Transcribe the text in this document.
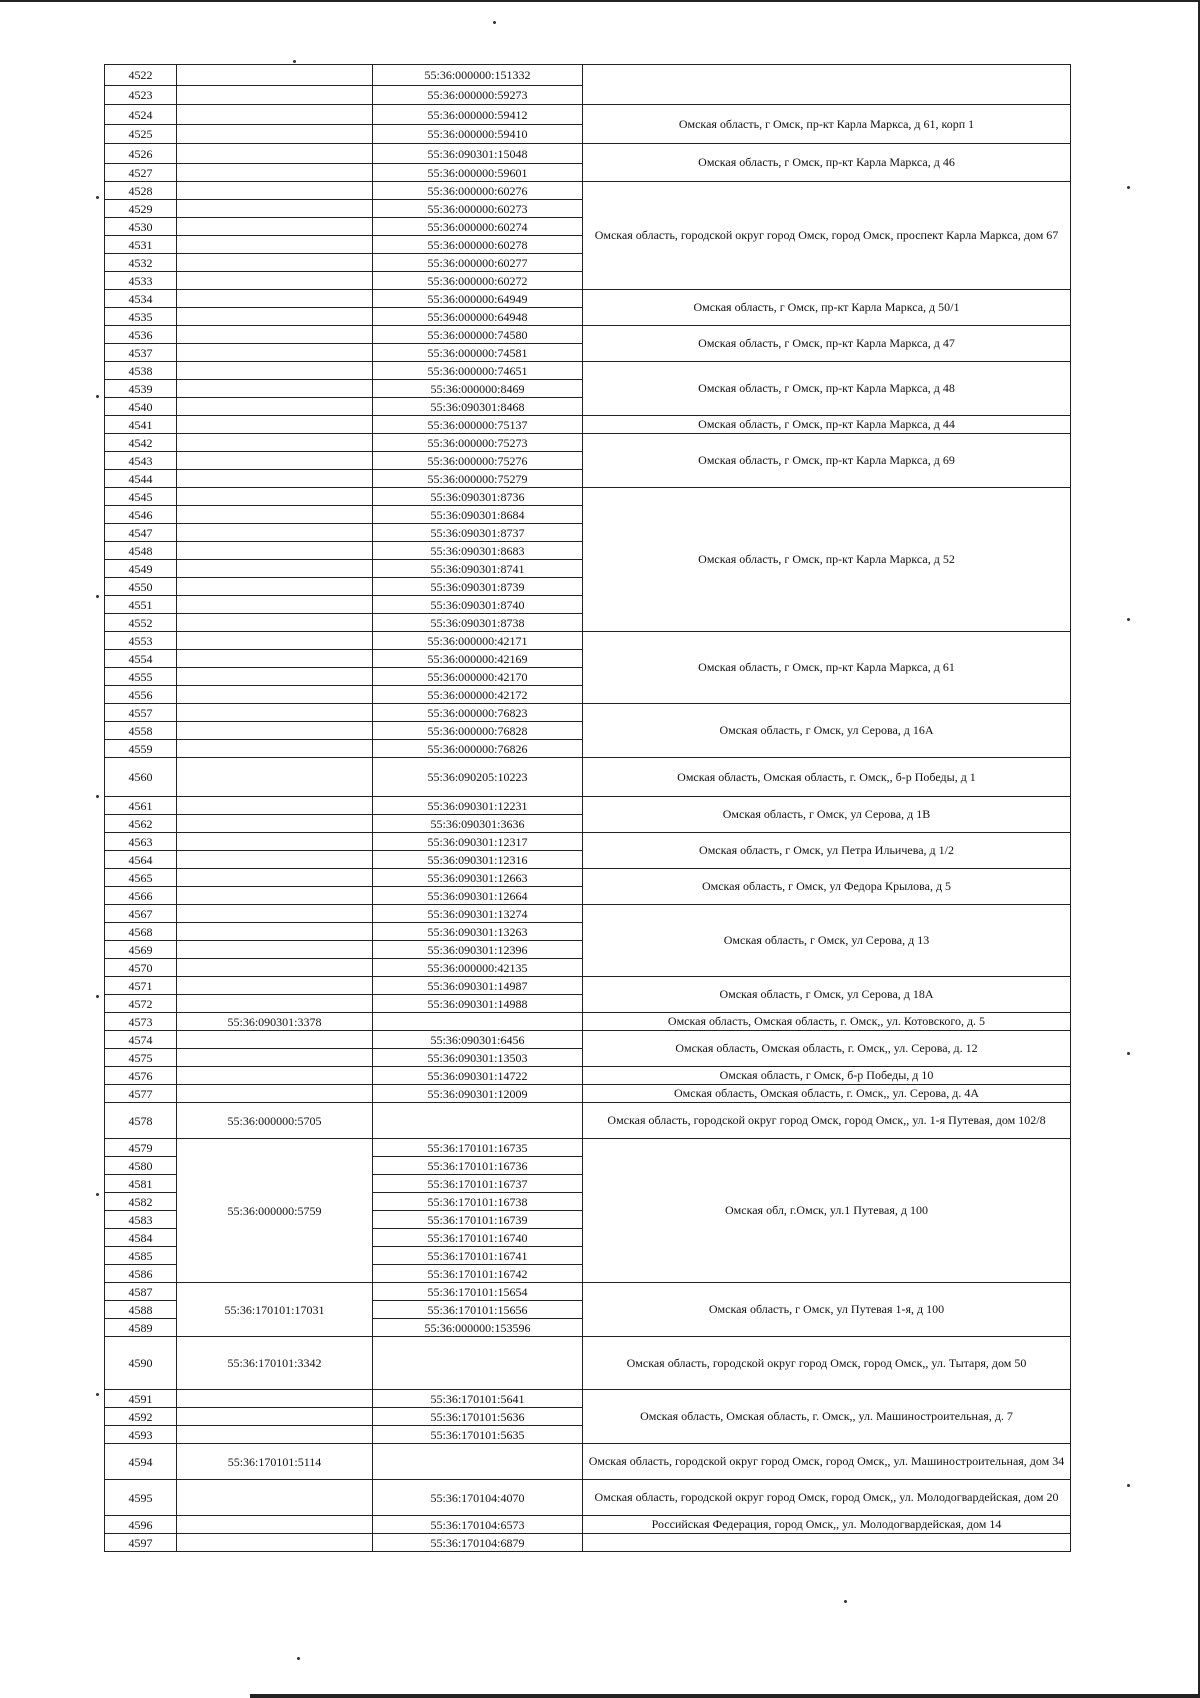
4522		55:36:000000:151332	
4523		55:36:000000:59273	
4524		55:36:000000:59412	Омская область, г Омск, пр-кт Карла Маркса, д 61, корп 1
4525		55:36:000000:59410	
4526		55:36:090301:15048	Омская область, г Омск, пр-кт Карла Маркса, д 46
4527		55:36:000000:59601	
4528		55:36:000000:60276	Омская область, городской округ город Омск, город Омск, проспект Карла Маркса, дом 67
4529		55:36:000000:60273	
4530		55:36:000000:60274	
4531		55:36:000000:60278	
4532		55:36:000000:60277	
4533		55:36:000000:60272	
4534		55:36:000000:64949	Омская область, г Омск, пр-кт Карла Маркса, д 50/1
4535		55:36:000000:64948	
4536		55:36:000000:74580	Омская область, г Омск, пр-кт Карла Маркса, д 47
4537		55:36:000000:74581	
4538		55:36:000000:74651	Омская область, г Омск, пр-кт Карла Маркса, д 48
4539		55:36:000000:8469	
4540		55:36:090301:8468	
4541		55:36:000000:75137	Омская область, г Омск, пр-кт Карла Маркса, д 44
4542		55:36:000000:75273	Омская область, г Омск, пр-кт Карла Маркса, д 69
4543		55:36:000000:75276	
4544		55:36:000000:75279	
4545		55:36:090301:8736	Омская область, г Омск, пр-кт Карла Маркса, д 52
4546		55:36:090301:8684	
4547		55:36:090301:8737	
4548		55:36:090301:8683	
4549		55:36:090301:8741	
4550		55:36:090301:8739	
4551		55:36:090301:8740	
4552		55:36:090301:8738	
4553		55:36:000000:42171	Омская область, г Омск, пр-кт Карла Маркса, д 61
4554		55:36:000000:42169	
4555		55:36:000000:42170	
4556		55:36:000000:42172	
4557		55:36:000000:76823	Омская область, г Омск, ул Серова, д 16А
4558		55:36:000000:76828	
4559		55:36:000000:76826	
4560		55:36:090205:10223	Омская область, Омская область, г. Омск,, б-р Победы, д 1
4561		55:36:090301:12231	Омская область, г Омск, ул Серова, д 1В
4562		55:36:090301:3636	
4563		55:36:090301:12317	Омская область, г Омск, ул Петра Ильичева, д 1/2
4564		55:36:090301:12316	
4565		55:36:090301:12663	Омская область, г Омск, ул Федора Крылова, д 5
4566		55:36:090301:12664	
4567		55:36:090301:13274	Омская область, г Омск, ул Серова, д 13
4568		55:36:090301:13263	
4569		55:36:090301:12396	
4570		55:36:000000:42135	
4571		55:36:090301:14987	Омская область, г Омск, ул Серова, д 18А
4572		55:36:090301:14988	
4573	55:36:090301:3378		Омская область, Омская область, г. Омск,, ул. Котовского, д. 5
4574		55:36:090301:6456	Омская область, Омская область, г. Омск,, ул. Серова, д. 12
4575		55:36:090301:13503	
4576		55:36:090301:14722	Омская область, г Омск, б-р Победы, д 10
4577		55:36:090301:12009	Омская область, Омская область, г. Омск,, ул. Серова, д. 4А
4578	55:36:000000:5705		Омская область, городской округ город Омск, город Омск,, ул. 1-я Путевая, дом 102/8
4579	55:36:000000:5759	55:36:170101:16735	Омская обл, г.Омск, ул.1 Путевая, д 100
4580		55:36:170101:16736	
4581		55:36:170101:16737	
4582		55:36:170101:16738	
4583		55:36:170101:16739	
4584		55:36:170101:16740	
4585		55:36:170101:16741	
4586		55:36:170101:16742	
4587	55:36:170101:17031	55:36:170101:15654	Омская область, г Омск, ул Путевая 1-я, д 100
4588		55:36:170101:15656	
4589		55:36:000000:153596	
4590	55:36:170101:3342		Омская область, городской округ город Омск, город Омск,, ул. Тытаря, дом 50
4591		55:36:170101:5641	Омская область, Омская область, г. Омск,, ул. Машиностроительная, д. 7
4592		55:36:170101:5636	
4593		55:36:170101:5635	
4594	55:36:170101:5114		Омская область, городской округ город Омск, город Омск,, ул. Машиностроительная, дом 34
4595		55:36:170104:4070	Омская область, городской округ город Омск, город Омск,, ул. Молодогвардейская, дом 20
4596		55:36:170104:6573	Российская Федерация, город Омск,, ул. Молодогвардейская, дом 14
4597		55:36:170104:6879	
